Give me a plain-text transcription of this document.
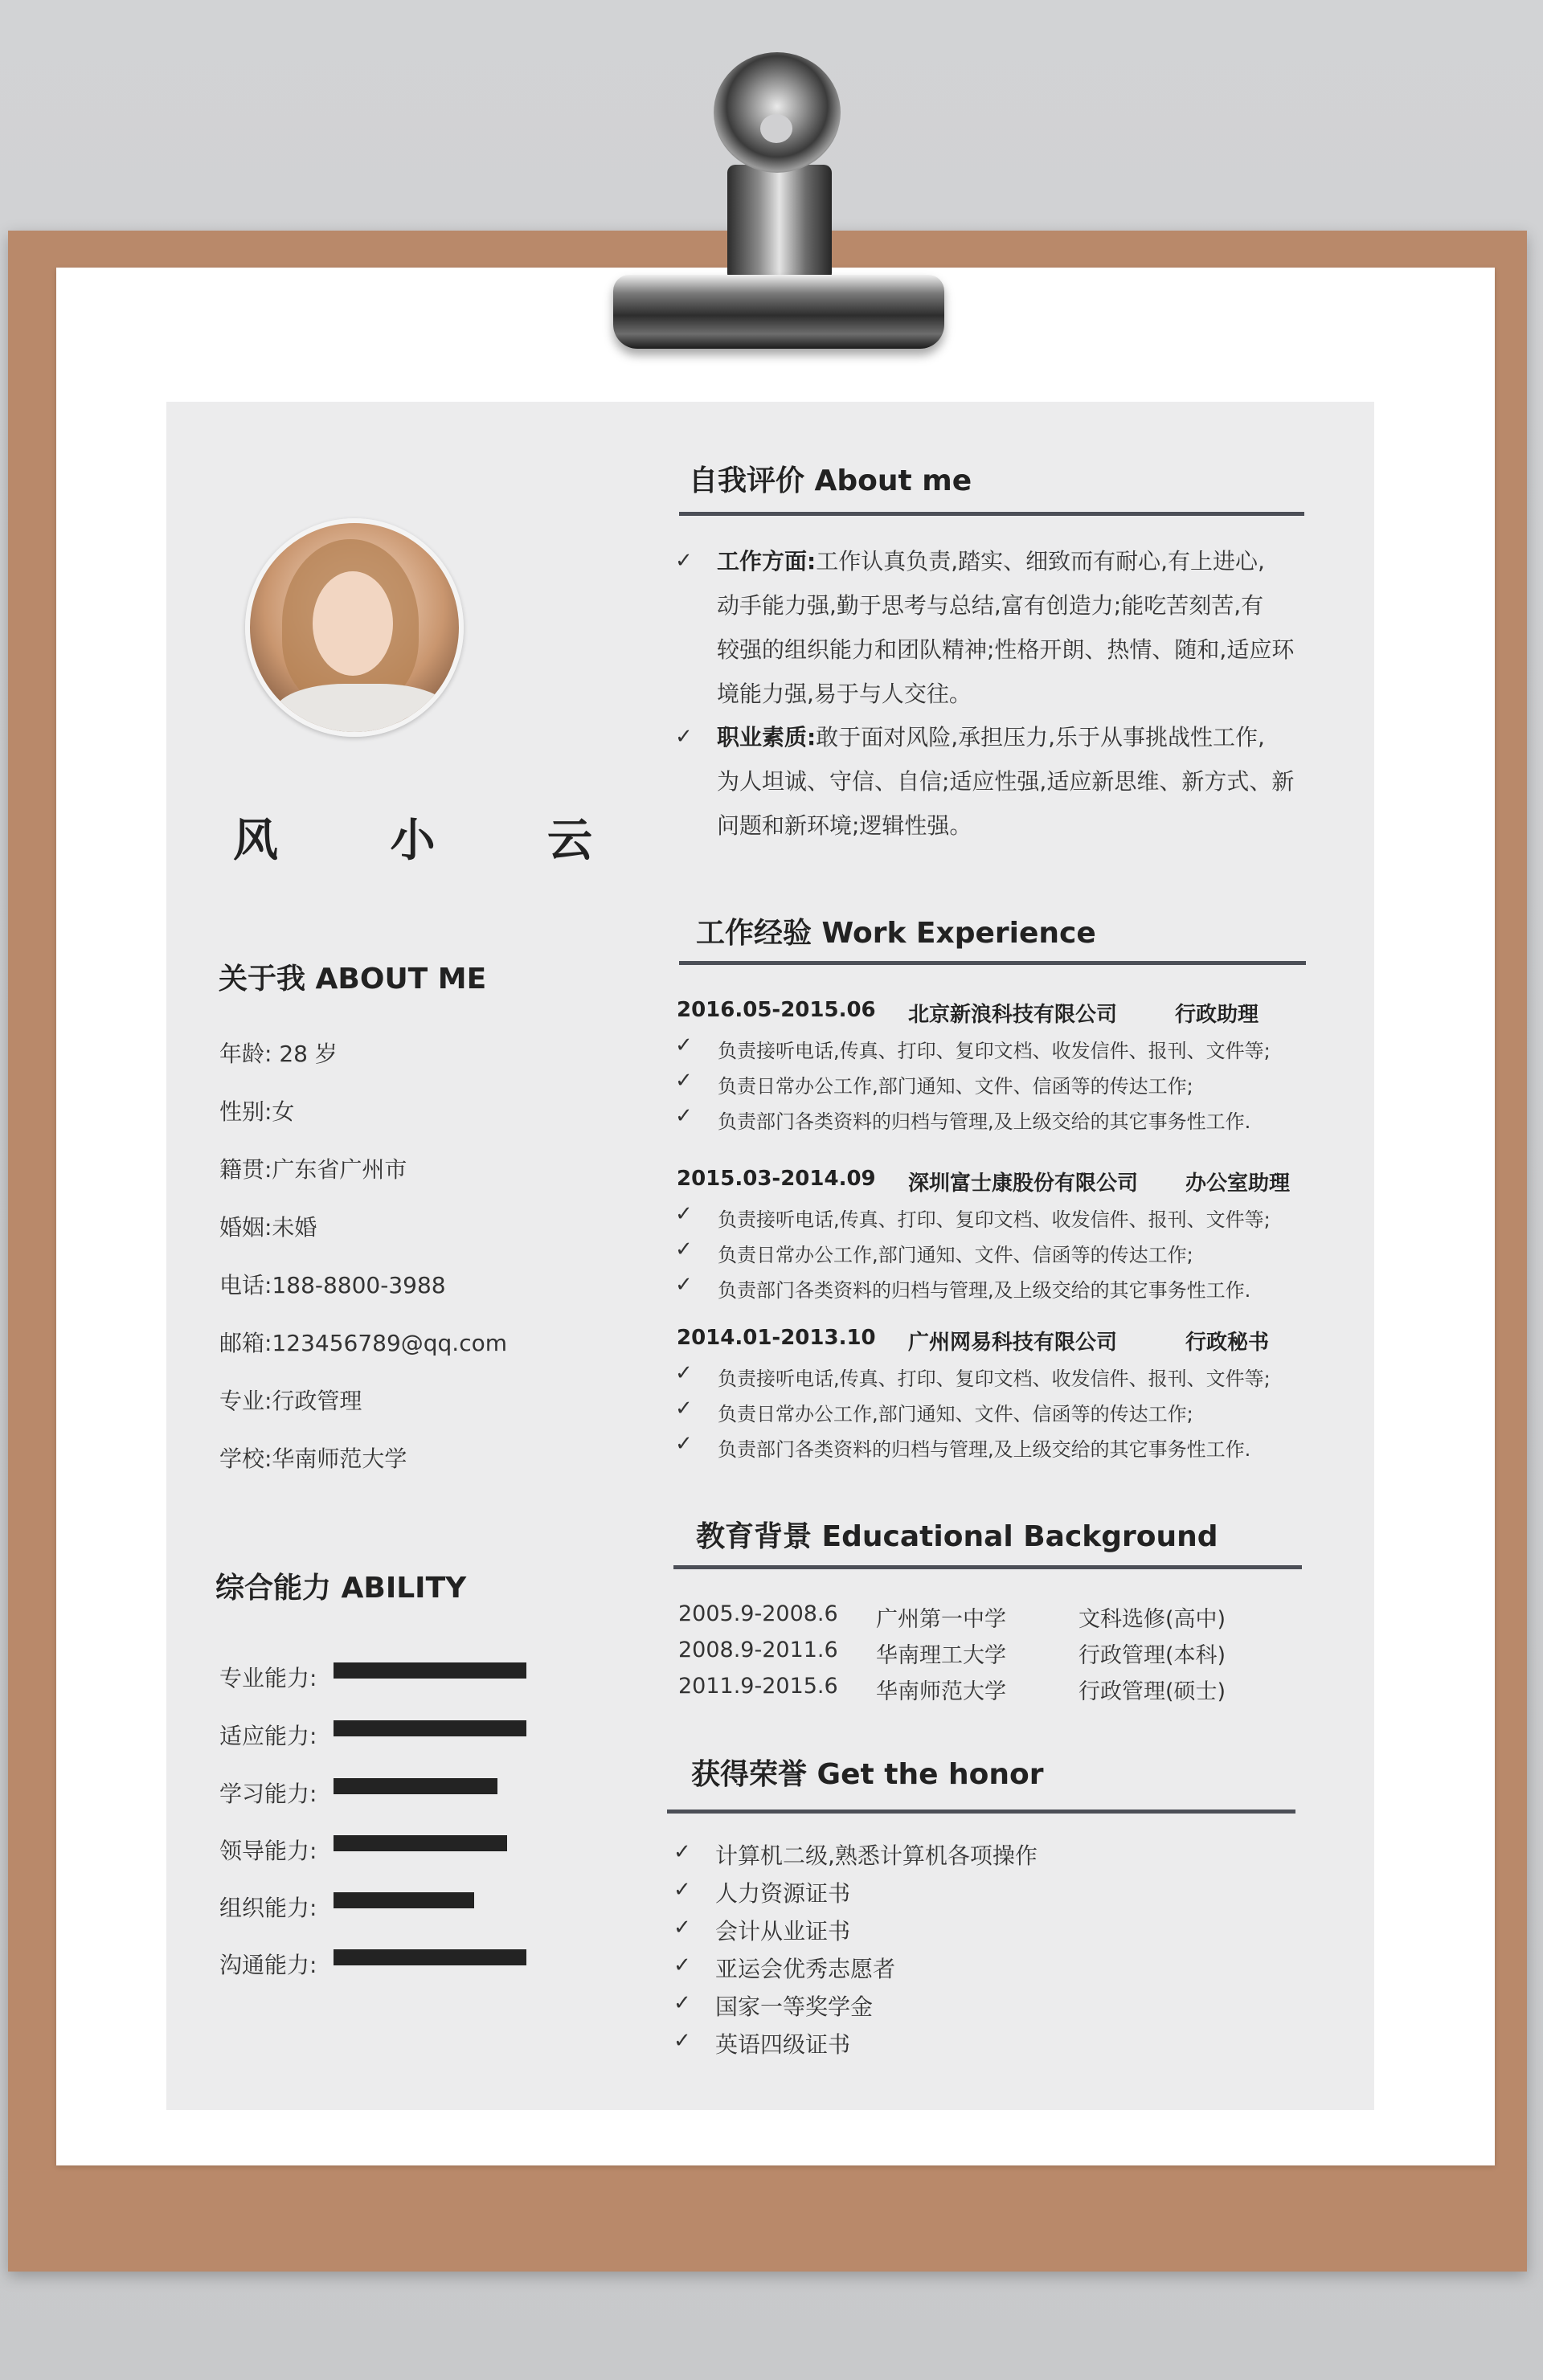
风 小 云
关于我 ABOUT ME
年龄: 28 岁
性别:女
籍贯:广东省广州市
婚姻:未婚
电话:188-8800-3988
邮箱:123456789@qq.com
专业:行政管理
学校:华南师范大学
综合能力 ABILITY
专业能力:
适应能力:
学习能力:
领导能力:
组织能力:
沟通能力:
自我评价 About me
✓ 工作方面:工作认真负责,踏实、细致而有耐心,有上进心,
动手能力强,勤于思考与总结,富有创造力;能吃苦刻苦,有
较强的组织能力和团队精神;性格开朗、热情、随和,适应环
境能力强,易于与人交往。
✓ 职业素质:敢于面对风险,承担压力,乐于从事挑战性工作,
为人坦诚、守信、自信;适应性强,适应新思维、新方式、新
问题和新环境;逻辑性强。
工作经验 Work Experience
2016.05-2015.06 北京新浪科技有限公司	行政助理
✓ 负责接听电话,传真、打印、复印文档、收发信件、报刊、文件等;
✓ 负责日常办公工作,部门通知、文件、信函等的传达工作;
✓ 负责部门各类资料的归档与管理,及上级交给的其它事务性工作.
2015.03-2014.09 深圳富士康股份有限公司 办公室助理
✓ 负责接听电话,传真、打印、复印文档、收发信件、报刊、文件等;
✓ 负责日常办公工作,部门通知、文件、信函等的传达工作;
✓ 负责部门各类资料的归档与管理,及上级交给的其它事务性工作.
2014.01-2013.10 广州网易科技有限公司	行政秘书
✓ 负责接听电话,传真、打印、复印文档、收发信件、报刊、文件等;
✓ 负责日常办公工作,部门通知、文件、信函等的传达工作;
✓ 负责部门各类资料的归档与管理,及上级交给的其它事务性工作.
教育背景 Educational Background
2005.9-2008.6 广州第一中学	文科选修(高中)
2008.9-2011.6 华南理工大学	行政管理(本科)
2011.9-2015.6 华南师范大学	行政管理(硕士)
获得荣誉 Get the honor
✓ 计算机二级,熟悉计算机各项操作
✓ 人力资源证书
✓ 会计从业证书
✓ 亚运会优秀志愿者
✓ 国家一等奖学金
✓ 英语四级证书
